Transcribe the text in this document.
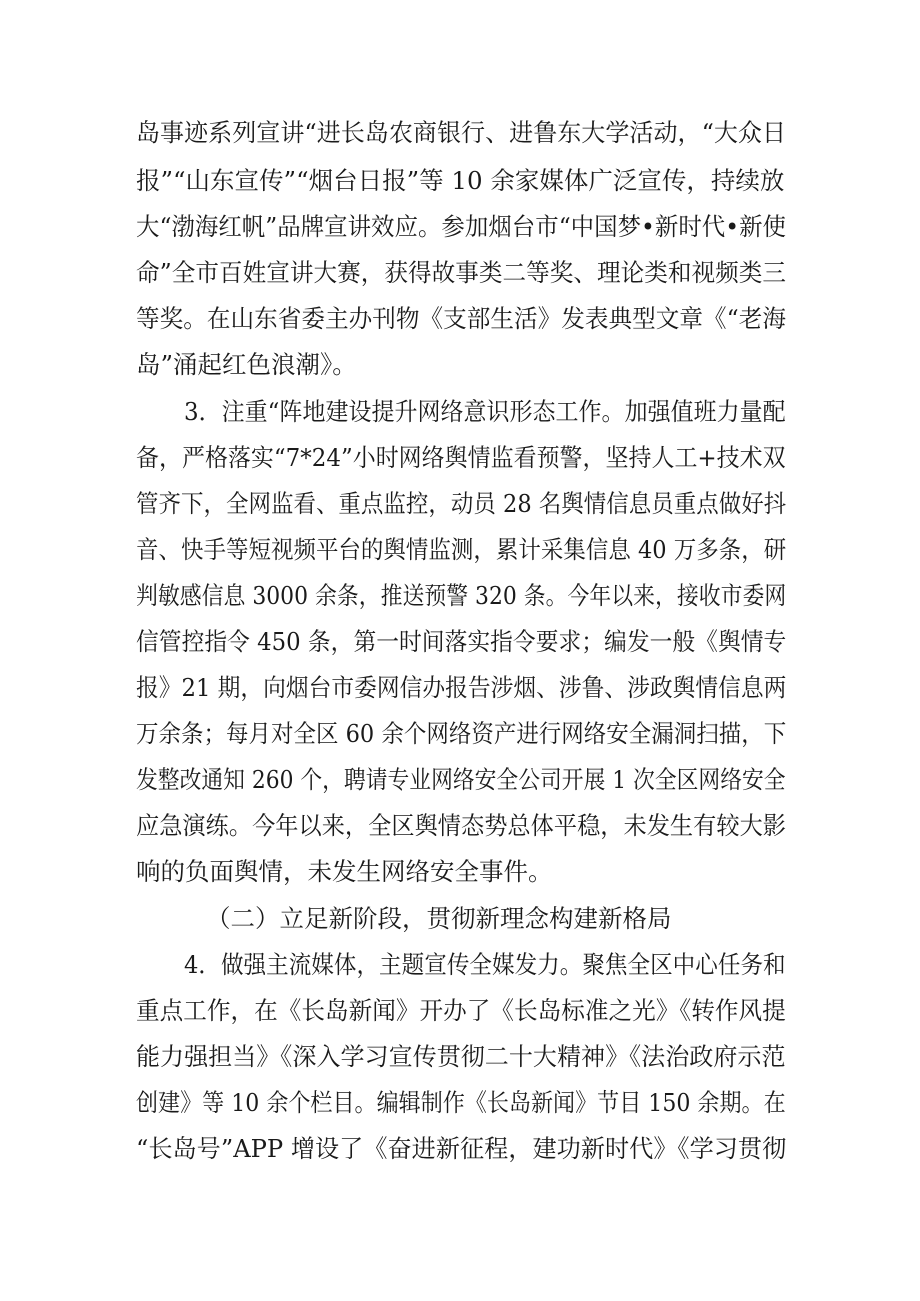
岛事迹系列宣讲“进长岛农商银行、进鲁东大学活动，“大众日
报”“山东宣传”“烟台日报”等 10 余家媒体广泛宣传，持续放
大“渤海红帆”品牌宣讲效应。参加烟台市“中国梦•新时代•新使
命”全市百姓宣讲大赛，获得故事类二等奖、理论类和视频类三
等奖。在山东省委主办刊物《支部生活》发表典型文章《“老海
岛”涌起红色浪潮》。
3．注重“阵地建设提升网络意识形态工作。加强值班力量配
备，严格落实“7*24”小时网络舆情监看预警，坚持人工+技术双
管齐下，全网监看、重点监控，动员 28 名舆情信息员重点做好抖
音、快手等短视频平台的舆情监测，累计采集信息 40 万多条，研
判敏感信息 3000 余条，推送预警 320 条。今年以来，接收市委网
信管控指令 450 条，第一时间落实指令要求；编发一般《舆情专
报》21 期，向烟台市委网信办报告涉烟、涉鲁、涉政舆情信息两
万余条；每月对全区 60 余个网络资产进行网络安全漏洞扫描，下
发整改通知 260 个，聘请专业网络安全公司开展 1 次全区网络安全
应急演练。今年以来，全区舆情态势总体平稳，未发生有较大影
响的负面舆情，未发生网络安全事件。
（二）立足新阶段，贯彻新理念构建新格局
4．做强主流媒体，主题宣传全媒发力。聚焦全区中心任务和
重点工作，在《长岛新闻》开办了《长岛标准之光》《转作风提
能力强担当》《深入学习宣传贯彻二十大精神》《法治政府示范
创建》等 10 余个栏目。编辑制作《长岛新闻》节目 150 余期。在
“长岛号”APP 增设了《奋进新征程，建功新时代》《学习贯彻
